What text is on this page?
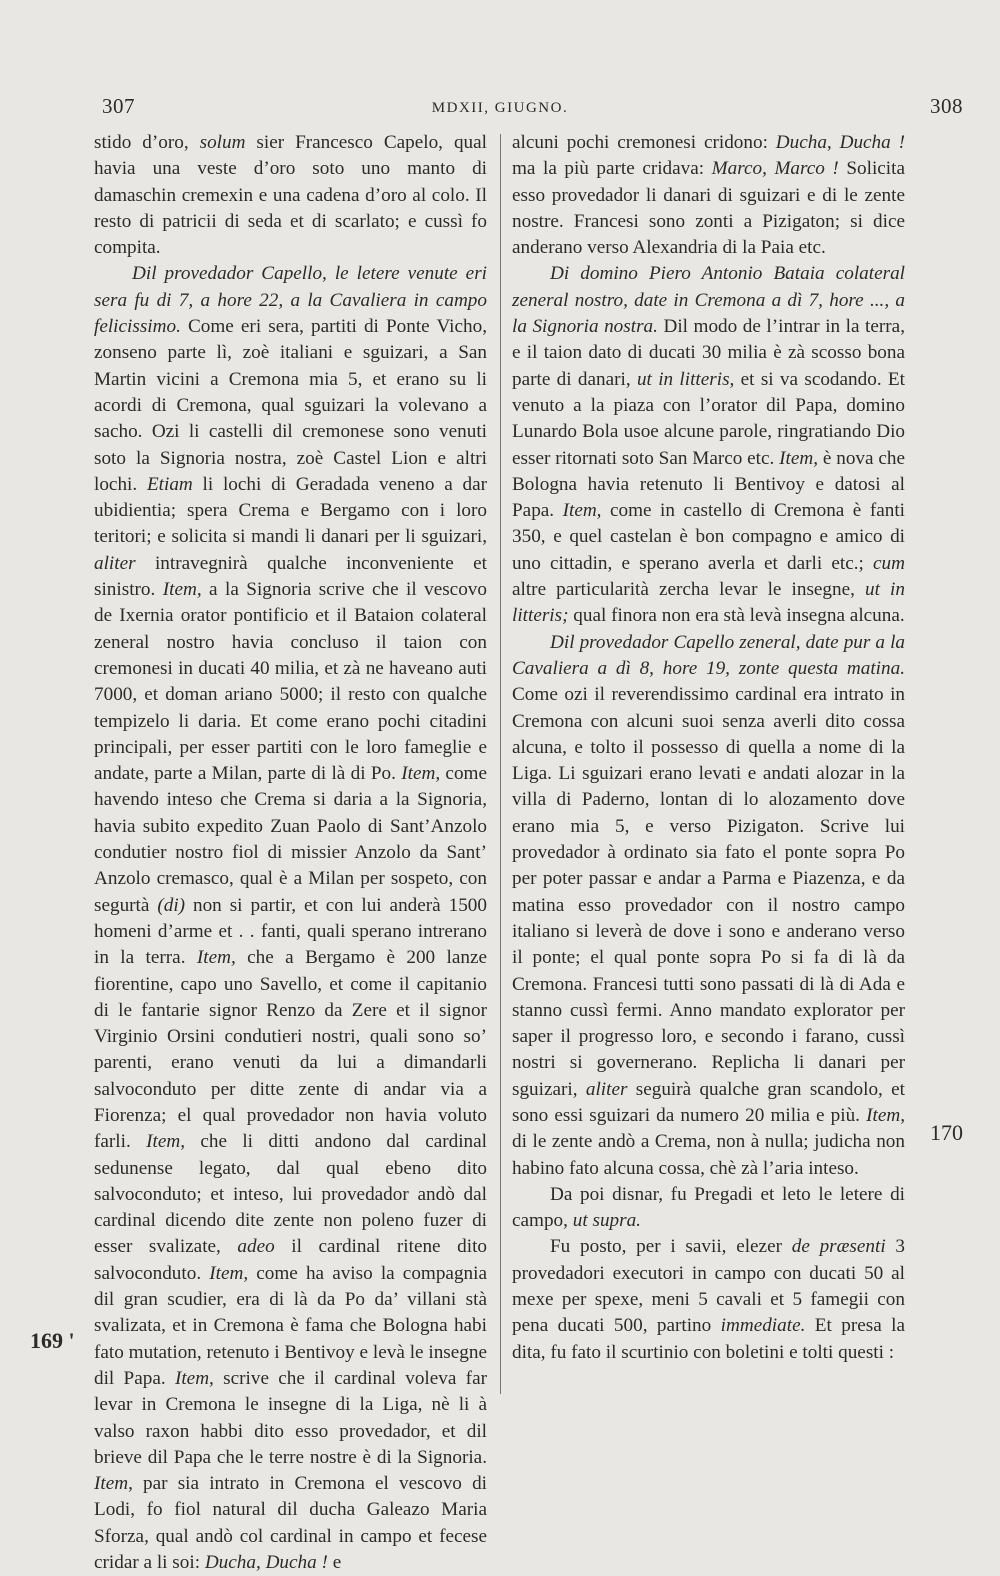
307	MDXII, GIUGNO.	308

stido d’oro, solum sier Francesco Capelo, qual havia una veste d’oro soto uno manto di damaschin cremexin e una cadena d’oro al colo. Il resto di patricii di seda et di scarlato; e cussì fo compita.

Dil provedador Capello, le letere venute eri sera fu di 7, a hore 22, a la Cavaliera in campo felicissimo. Come eri sera, partiti di Ponte Vicho, zonseno parte lì, zoè italiani e sguizari, a San Martin vicini a Cremona mia 5, et erano su li acordi di Cremona, qual sguizari la volevano a sacho. Ozi li castelli dil cremonese sono venuti soto la Signoria nostra, zoè Castel Lion e altri lochi. Etiam li lochi di Geradada veneno a dar ubidientia; spera Crema e Bergamo con i loro teritori; e solicita si mandi li danari per li sguizari, aliter intravegnirà qualche inconveniente et sinistro. Item, a la Signoria scrive che il vescovo de Ixernia orator pontificio et il Bataion colateral zeneral nostro havia concluso il taion con cremonesi in ducati 40 milia, et zà ne haveano auti 7000, et doman ariano 5000; il resto con qualche tempizelo li daria. Et come erano pochi citadini principali, per esser partiti con le loro fameglie e andate, parte a Milan, parte di là di Po. Item, come havendo inteso che Crema si daria a la Signoria, havia subito expedito Zuan Paolo di Sant’Anzolo condutier nostro fiol di missier Anzolo da Sant’ Anzolo cremasco, qual è a Milan per sospeto, con segurtà (di) non si partir, et con lui anderà 1500 homeni d’arme et . . fanti, quali sperano intrerano in la terra. Item, che a Bergamo è 200 lanze fiorentine, capo uno Savello, et come il capitanio di le fantarie signor Renzo da Zere et il signor Virginio Orsini condutieri nostri, quali sono so’ parenti, erano venuti da lui a dimandarli salvoconduto per ditte zente di andar via a Fiorenza; el qual provedador non havia voluto farli. Item, che li ditti andono dal cardinal sedunense legato, dal qual ebeno dito salvoconduto; et inteso, lui provedador andò dal cardinal dicendo dite zente non poleno fuzer di esser svalizate, adeo il cardinal ritene dito salvoconduto. Item, come ha aviso la compagnia dil gran scudier, era di là da Po da’ villani stà svalizata, et in Cremona è fama che Bologna habi fato mutation, retenuto i Bentivoy e levà le insegne dil Papa. Item, scrive che il cardinal voleva far levar in Cremona le insegne di la Liga, nè li à valso raxon habbi dito esso provedador, et dil brieve dil Papa che le terre nostre è di la Signoria. Item, par sia intrato in Cremona el vescovo di Lodi, fo fiol natural dil ducha Galeazo Maria Sforza, qual andò col cardinal in campo et fecese cridar a li soi: Ducha, Ducha ! e

alcuni pochi cremonesi cridono: Ducha, Ducha ! ma la più parte cridava: Marco, Marco ! Solicita esso provedador li danari di sguizari e di le zente nostre. Francesi sono zonti a Pizigaton; si dice anderano verso Alexandria di la Paia etc.

Di domino Piero Antonio Bataia colateral zeneral nostro, date in Cremona a dì 7, hore ..., a la Signoria nostra. Dil modo de l’intrar in la terra, e il taion dato di ducati 30 milia è zà scosso bona parte di danari, ut in litteris, et si va scodando. Et venuto a la piaza con l’orator dil Papa, domino Lunardo Bola usoe alcune parole, ringratiando Dio esser ritornati soto San Marco etc. Item, è nova che Bologna havia retenuto li Bentivoy e datosi al Papa. Item, come in castello di Cremona è fanti 350, e quel castelan è bon compagno e amico di uno cittadin, e sperano averla et darli etc.; cum altre particularità zercha levar le insegne, ut in litteris; qual finora non era stà levà insegna alcuna.

Dil provedador Capello zeneral, date pur a la Cavaliera a dì 8, hore 19, zonte questa matina. Come ozi il reverendissimo cardinal era intrato in Cremona con alcuni suoi senza averli dito cossa alcuna, e tolto il possesso di quella a nome di la Liga. Li sguizari erano levati e andati alozar in la villa di Paderno, lontan di lo alozamento dove erano mia 5, e verso Pizigaton. Scrive lui provedador à ordinato sia fato el ponte sopra Po per poter passar e andar a Parma e Piazenza, e da matina esso provedador con il nostro campo italiano si leverà de dove i sono e anderano verso il ponte; el qual ponte sopra Po si fa di là da Cremona. Francesi tutti sono passati di là di Ada e stanno cussì fermi. Anno mandato explorator per saper il progresso loro, e secondo i farano, cussì nostri si governerano. Replicha li danari per sguizari, aliter seguirà qualche gran scandolo, et sono essi sguizari da numero 20 milia e più. Item, di le zente andò a Crema, non à nulla; judicha non habino fato alcuna cossa, chè zà l’aria inteso.

Da poi disnar, fu Pregadi et leto le letere di campo, ut supra.

Fu posto, per i savii, elezer de præsenti 3 provedadori executori in campo con ducati 50 al mexe per spexe, meni 5 cavali et 5 famegii con pena ducati 500, partino immediate. Et presa la dita, fu fato il scurtinio con boletini e tolti questi :

169 '
170
